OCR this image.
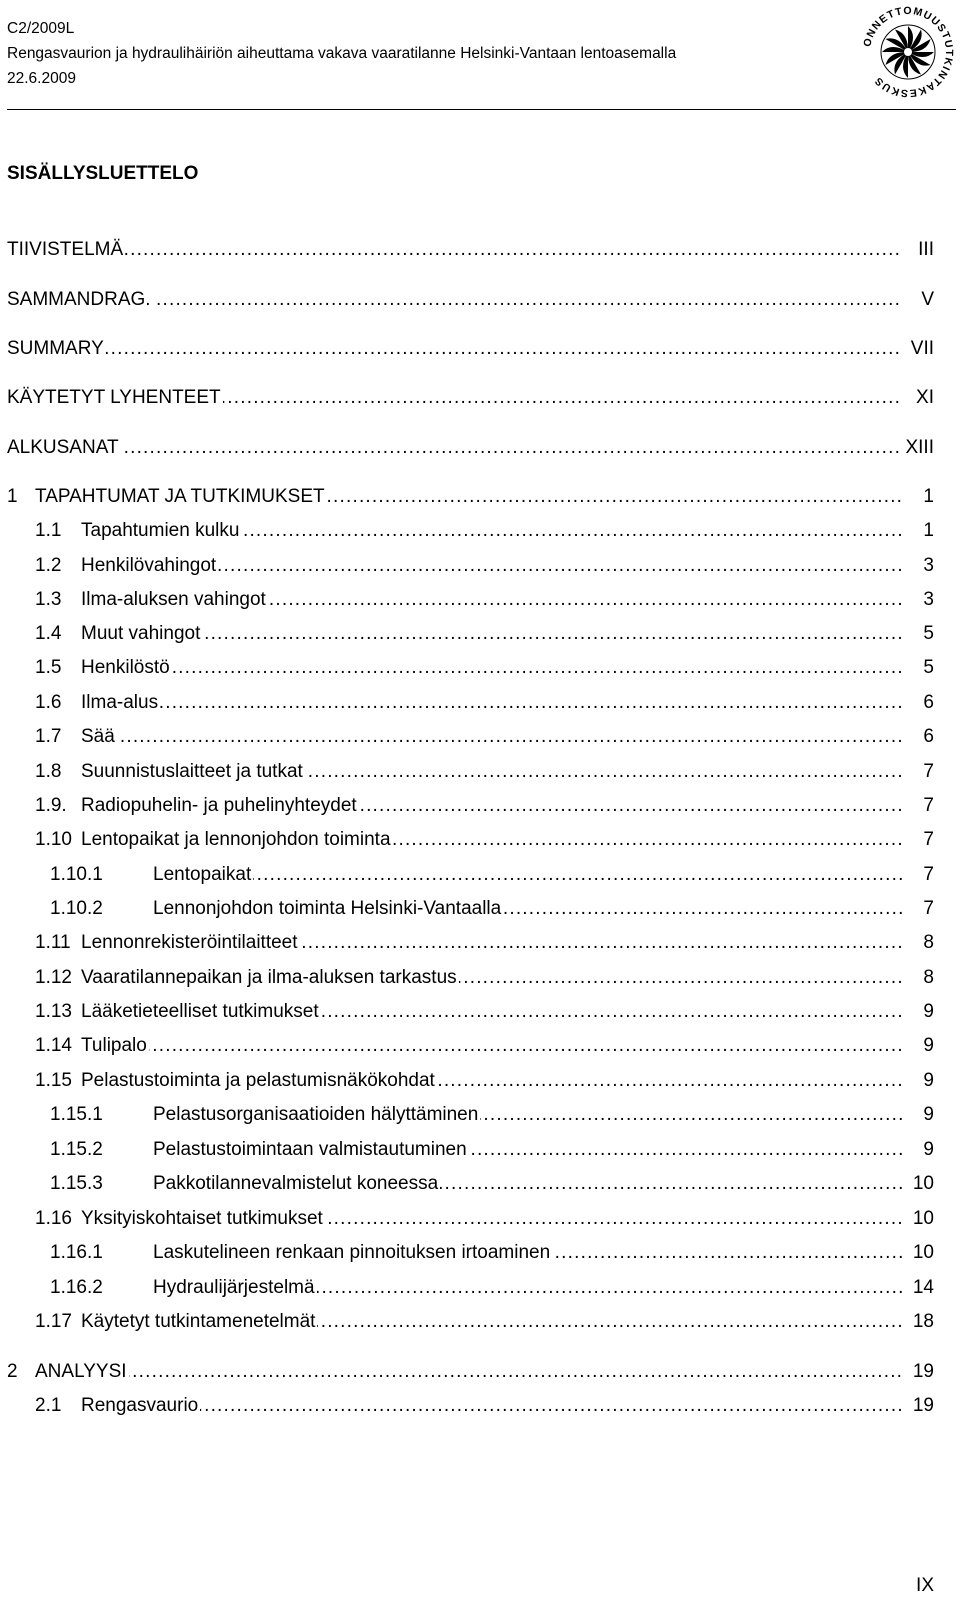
C2/2009L
Rengasvaurion ja hydraulihäiriön aiheuttama vakava vaaratilanne Helsinki-Vantaan lentoasemalla
22.6.2009
ONNETTOMUUSTUTKINTAKESKUS
SISÄLLYSLUETTELO
TIIVISTELMÄ .....	III
SAMMANDRAG. .....	V
SUMMARY .....	VII
KÄYTETYT LYHENTEET .....	XI
ALKUSANAT .....	XIII
1 TAPAHTUMAT JA TUTKIMUKSET .....	1
1.1 Tapahtumien kulku .....	1
1.2 Henkilövahingot .....	3
1.3 Ilma-aluksen vahingot .....	3
1.4 Muut vahingot .....	5
1.5 Henkilöstö .....	5
1.6 Ilma-alus .....	6
1.7 Sää .....	6
1.8 Suunnistuslaitteet ja tutkat .....	7
1.9. Radiopuhelin- ja puhelinyhteydet .....	7
1.10 Lentopaikat ja lennonjohdon toiminta .....	7
1.10.1	Lentopaikat .....	7
1.10.2	Lennonjohdon toiminta Helsinki-Vantaalla .....	7
1.11 Lennonrekisteröintilaitteet .....	8
1.12 Vaaratilannepaikan ja ilma-aluksen tarkastus .....	8
1.13 Lääketieteelliset tutkimukset .....	9
1.14 Tulipalo .....	9
1.15 Pelastustoiminta ja pelastumisnäkökohdat .....	9
1.15.1	Pelastusorganisaatioiden hälyttäminen .....	9
1.15.2	Pelastustoimintaan valmistautuminen .....	9
1.15.3	Pakkotilannevalmistelut koneessa .....	10
1.16 Yksityiskohtaiset tutkimukset .....	10
1.16.1	Laskutelineen renkaan pinnoituksen irtoaminen .....	10
1.16.2	Hydraulijärjestelmä .....	14
1.17 Käytetyt tutkintamenetelmät .....	18
2 ANALYYSI .....	19
2.1 Rengasvaurio .....	19
IX
